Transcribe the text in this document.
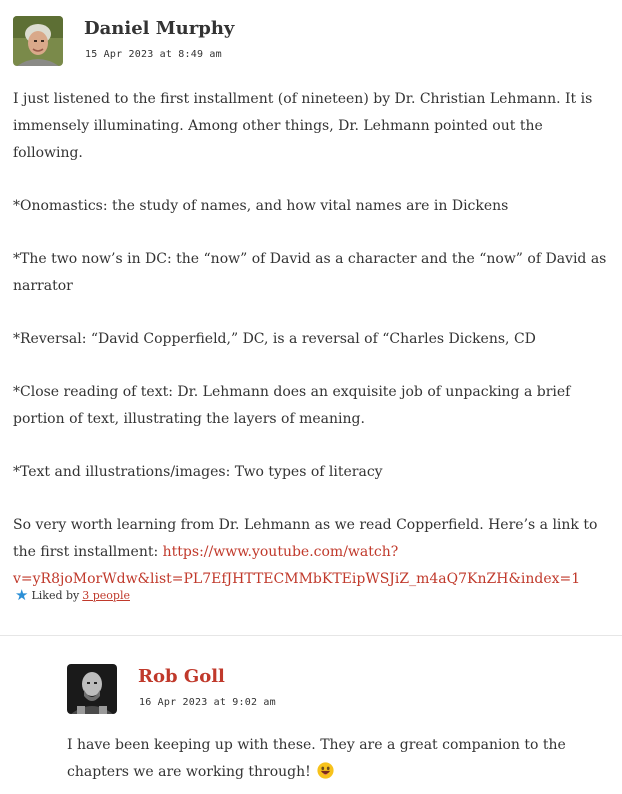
Daniel Murphy
15 Apr 2023 at 8:49 am

I just listened to the first installment (of nineteen) by Dr. Christian Lehmann. It is immensely illuminating. Among other things, Dr. Lehmann pointed out the following.

*Onomastics: the study of names, and how vital names are in Dickens

*The two now’s in DC: the “now” of David as a character and the “now” of David as narrator

*Reversal: “David Copperfield,” DC, is a reversal of “Charles Dickens, CD

*Close reading of text: Dr. Lehmann does an exquisite job of unpacking a brief portion of text, illustrating the layers of meaning.

*Text and illustrations/images: Two types of literacy

So very worth learning from Dr. Lehmann as we read Copperfield. Here’s a link to the first installment: https://www.youtube.com/watch?v=yR8joMorWdw&list=PL7EfJHTTECMMbKTEipWSJiZ_m4aQ7KnZH&index=1

★ Liked by 3 people
Rob Goll
16 Apr 2023 at 9:02 am

I have been keeping up with these. They are a great companion to the chapters we are working through!
